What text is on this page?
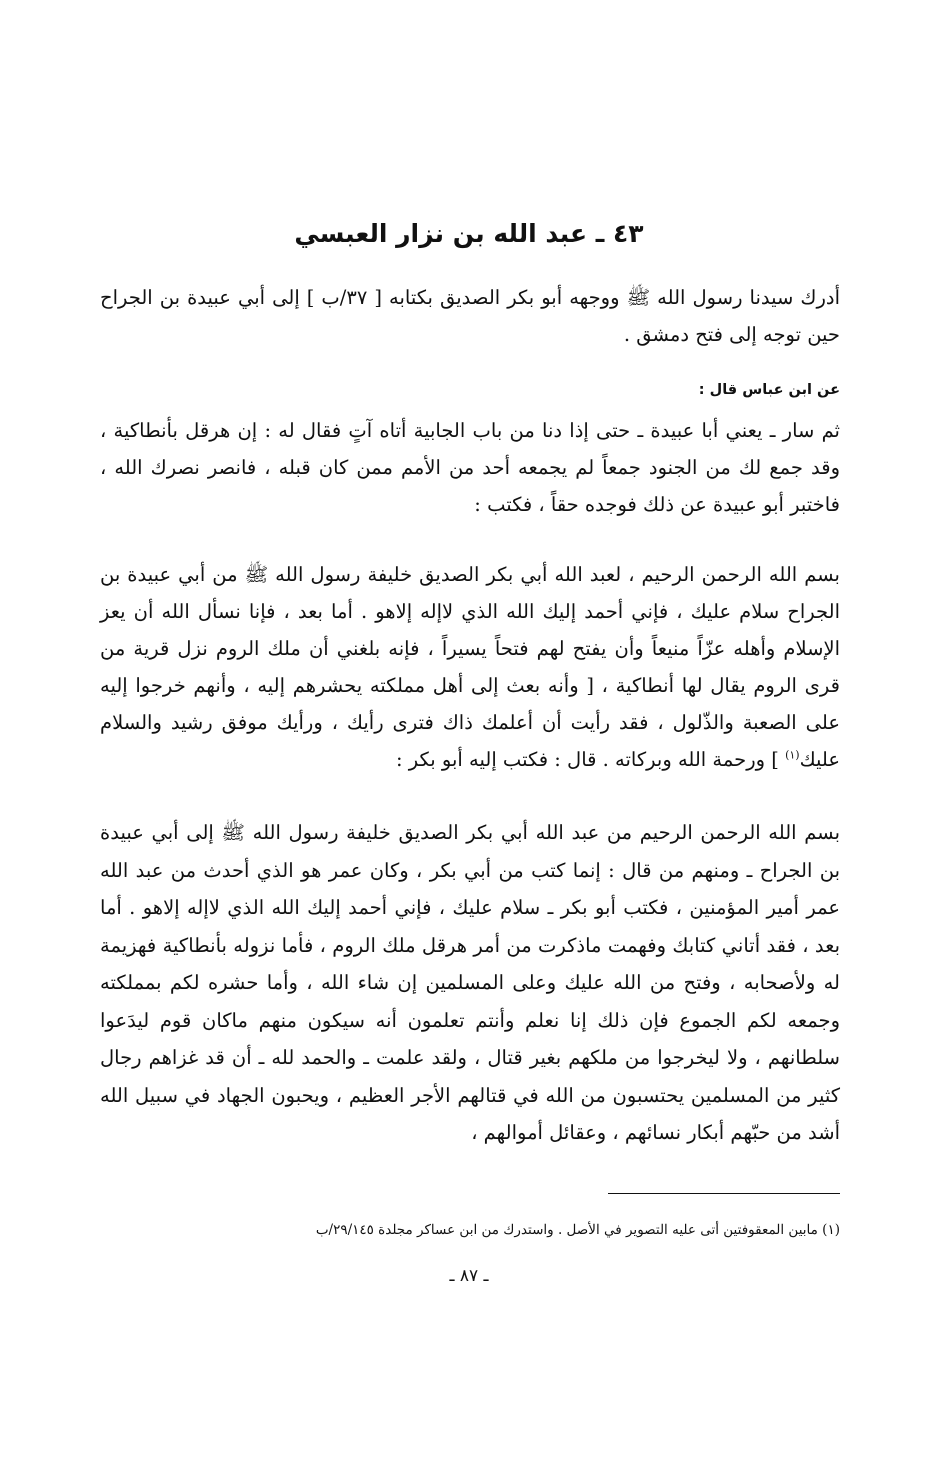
٤٣ ـ عبد الله بن نزار العبسي

أدرك سيدنا رسول الله ﷺ ووجهه أبو بكر الصديق بكتابه [ ٣٧/ب ] إلى أبي عبيدة بن الجراح حين توجه إلى فتح دمشق .

عن ابن عباس قال :

ثم سار ـ يعني أبا عبيدة ـ حتى إذا دنا من باب الجابية أتاه آتٍ فقال له : إن هرقل بأنطاكية ، وقد جمع لك من الجنود جمعاً لم يجمعه أحد من الأمم ممن كان قبله ، فانصر نصرك الله ، فاختبر أبو عبيدة عن ذلك فوجده حقاً ، فكتب :

بسم الله الرحمن الرحيم ، لعبد الله أبي بكر الصديق خليفة رسول الله ﷺ من أبي عبيدة بن الجراح سلام عليك ، فإني أحمد إليك الله الذي لاإله إلاهو . أما بعد ، فإنا نسأل الله أن يعز الإسلام وأهله عزّاً منيعاً وأن يفتح لهم فتحاً يسيراً ، فإنه بلغني أن ملك الروم نزل قرية من قرى الروم يقال لها أنطاكية ، [ وأنه بعث إلى أهل مملكته يحشرهم إليه ، وأنهم خرجوا إليه على الصعبة والذّلول ، فقد رأيت أن أعلمك ذاك فترى رأيك ، ورأيك موفق رشيد والسلام عليك$^{(١)}$ ] ورحمة الله وبركاته . قال : فكتب إليه أبو بكر :

بسم الله الرحمن الرحيم من عبد الله أبي بكر الصديق خليفة رسول الله ﷺ إلى أبي عبيدة بن الجراح ـ ومنهم من قال : إنما كتب من أبي بكر ، وكان عمر هو الذي أحدث من عبد الله عمر أمير المؤمنين ، فكتب أبو بكر ـ سلام عليك ، فإني أحمد إليك الله الذي لاإله إلاهو . أما بعد ، فقد أتاني كتابك وفهمت ماذكرت من أمر هرقل ملك الروم ، فأما نزوله بأنطاكية فهزيمة له ولأصحابه ، وفتح من الله عليك وعلى المسلمين إن شاء الله ، وأما حشره لكم بمملكته وجمعه لكم الجموع فإن ذلك إنا نعلم وأنتم تعلمون أنه سيكون منهم ماكان قوم ليدَعوا سلطانهم ، ولا ليخرجوا من ملكهم بغير قتال ، ولقد علمت ـ والحمد لله ـ أن قد غزاهم رجال كثير من المسلمين يحتسبون من الله في قتالهم الأجر العظيم ، ويحبون الجهاد في سبيل الله أشد من حبّهم أبكار نسائهم ، وعقائل أموالهم ،

(١) مابين المعقوفتين أتى عليه التصوير في الأصل . واستدرك من ابن عساكر مجلدة ٢٩/١٤٥/ب

ـ ٨٧ ـ
